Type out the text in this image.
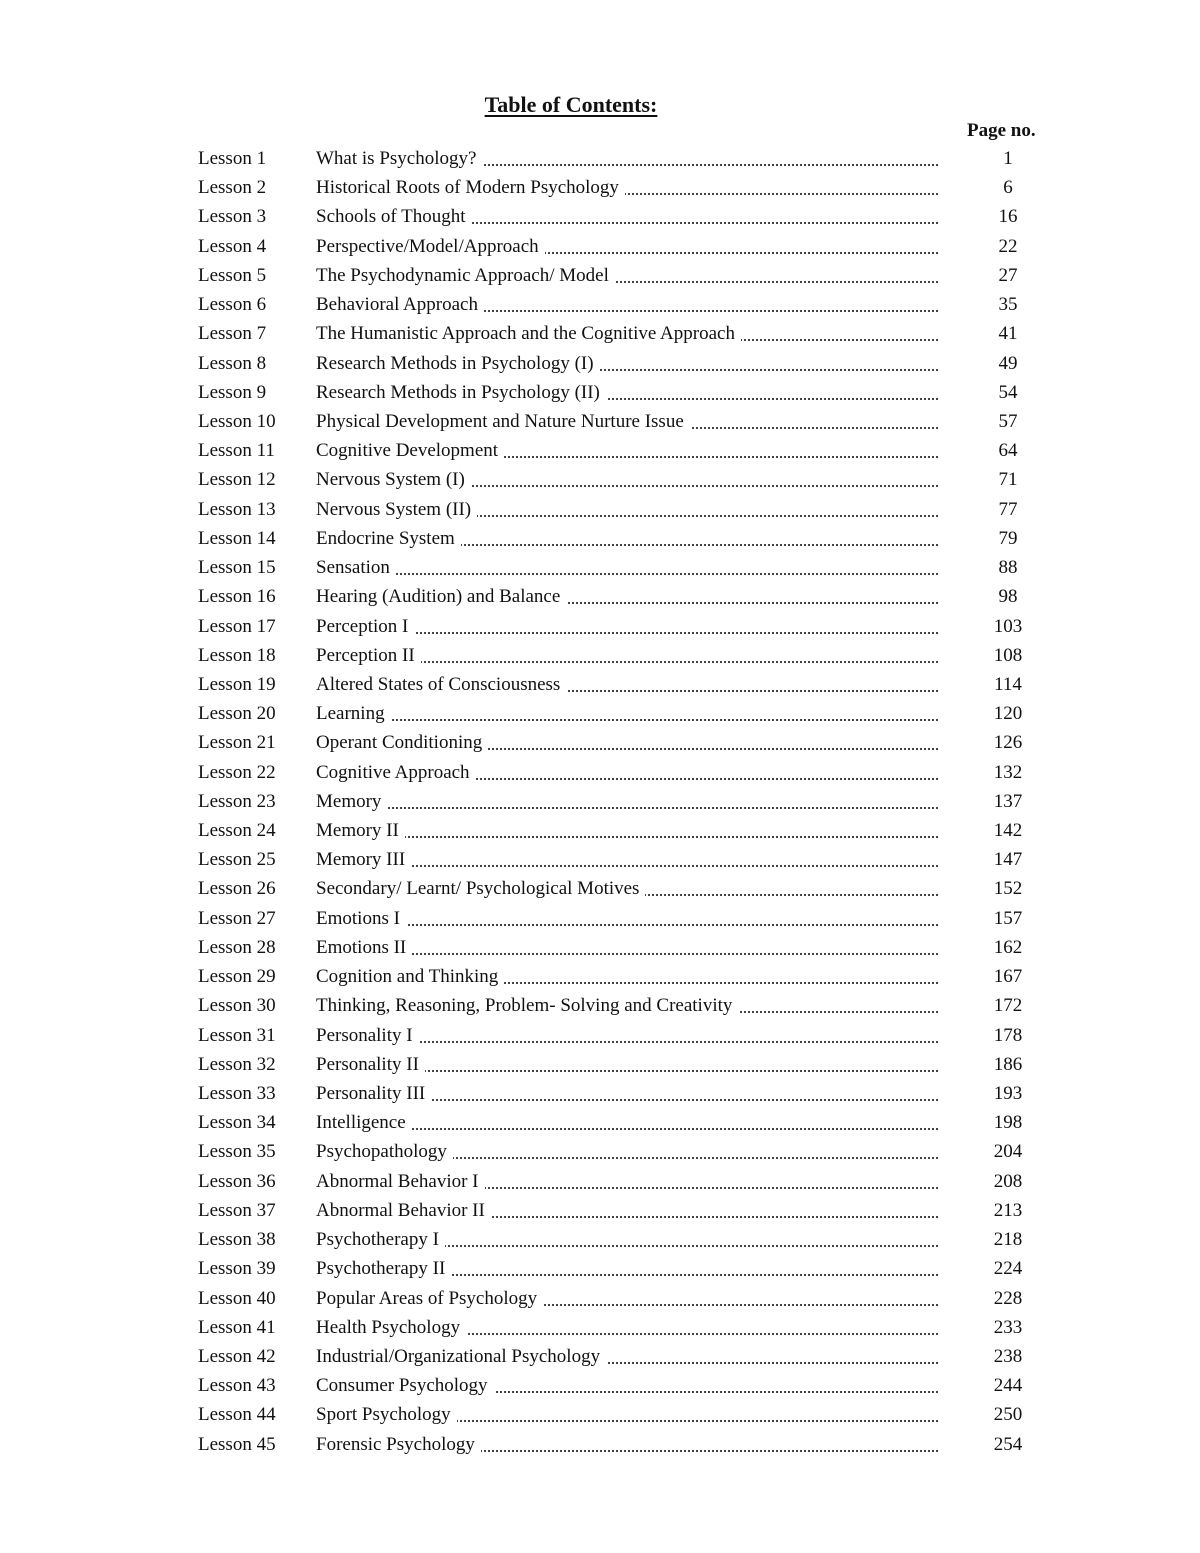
Table of Contents:
Page no.
Lesson 1	What is Psychology?	1
Lesson 2	Historical Roots of Modern Psychology	6
Lesson 3	Schools of Thought	16
Lesson 4	Perspective/Model/Approach	22
Lesson 5	The Psychodynamic Approach/ Model	27
Lesson 6	Behavioral Approach	35
Lesson 7	The Humanistic Approach and the Cognitive Approach	41
Lesson 8	Research Methods in Psychology (I)	49
Lesson 9	Research Methods in Psychology (II)	54
Lesson 10 Physical Development and Nature Nurture Issue	57
Lesson 11 Cognitive Development	64
Lesson 12 Nervous System (I)	71
Lesson 13 Nervous System (II)	77
Lesson 14 Endocrine System	79
Lesson 15 Sensation	88
Lesson 16 Hearing (Audition) and Balance	98
Lesson 17 Perception I	103
Lesson 18 Perception II	108
Lesson 19 Altered States of Consciousness	114
Lesson 20 Learning	120
Lesson 21 Operant Conditioning	126
Lesson 22 Cognitive Approach	132
Lesson 23 Memory	137
Lesson 24 Memory II	142
Lesson 25 Memory III	147
Lesson 26 Secondary/ Learnt/ Psychological Motives	152
Lesson 27 Emotions I	157
Lesson 28 Emotions II	162
Lesson 29 Cognition and Thinking	167
Lesson 30 Thinking, Reasoning, Problem- Solving and Creativity	172
Lesson 31 Personality I	178
Lesson 32 Personality II	186
Lesson 33 Personality III	193
Lesson 34 Intelligence	198
Lesson 35 Psychopathology	204
Lesson 36 Abnormal Behavior I	208
Lesson 37 Abnormal Behavior II	213
Lesson 38 Psychotherapy I	218
Lesson 39 Psychotherapy II	224
Lesson 40 Popular Areas of Psychology	228
Lesson 41 Health Psychology	233
Lesson 42 Industrial/Organizational Psychology	238
Lesson 43 Consumer Psychology	244
Lesson 44 Sport Psychology	250
Lesson 45 Forensic Psychology	254
